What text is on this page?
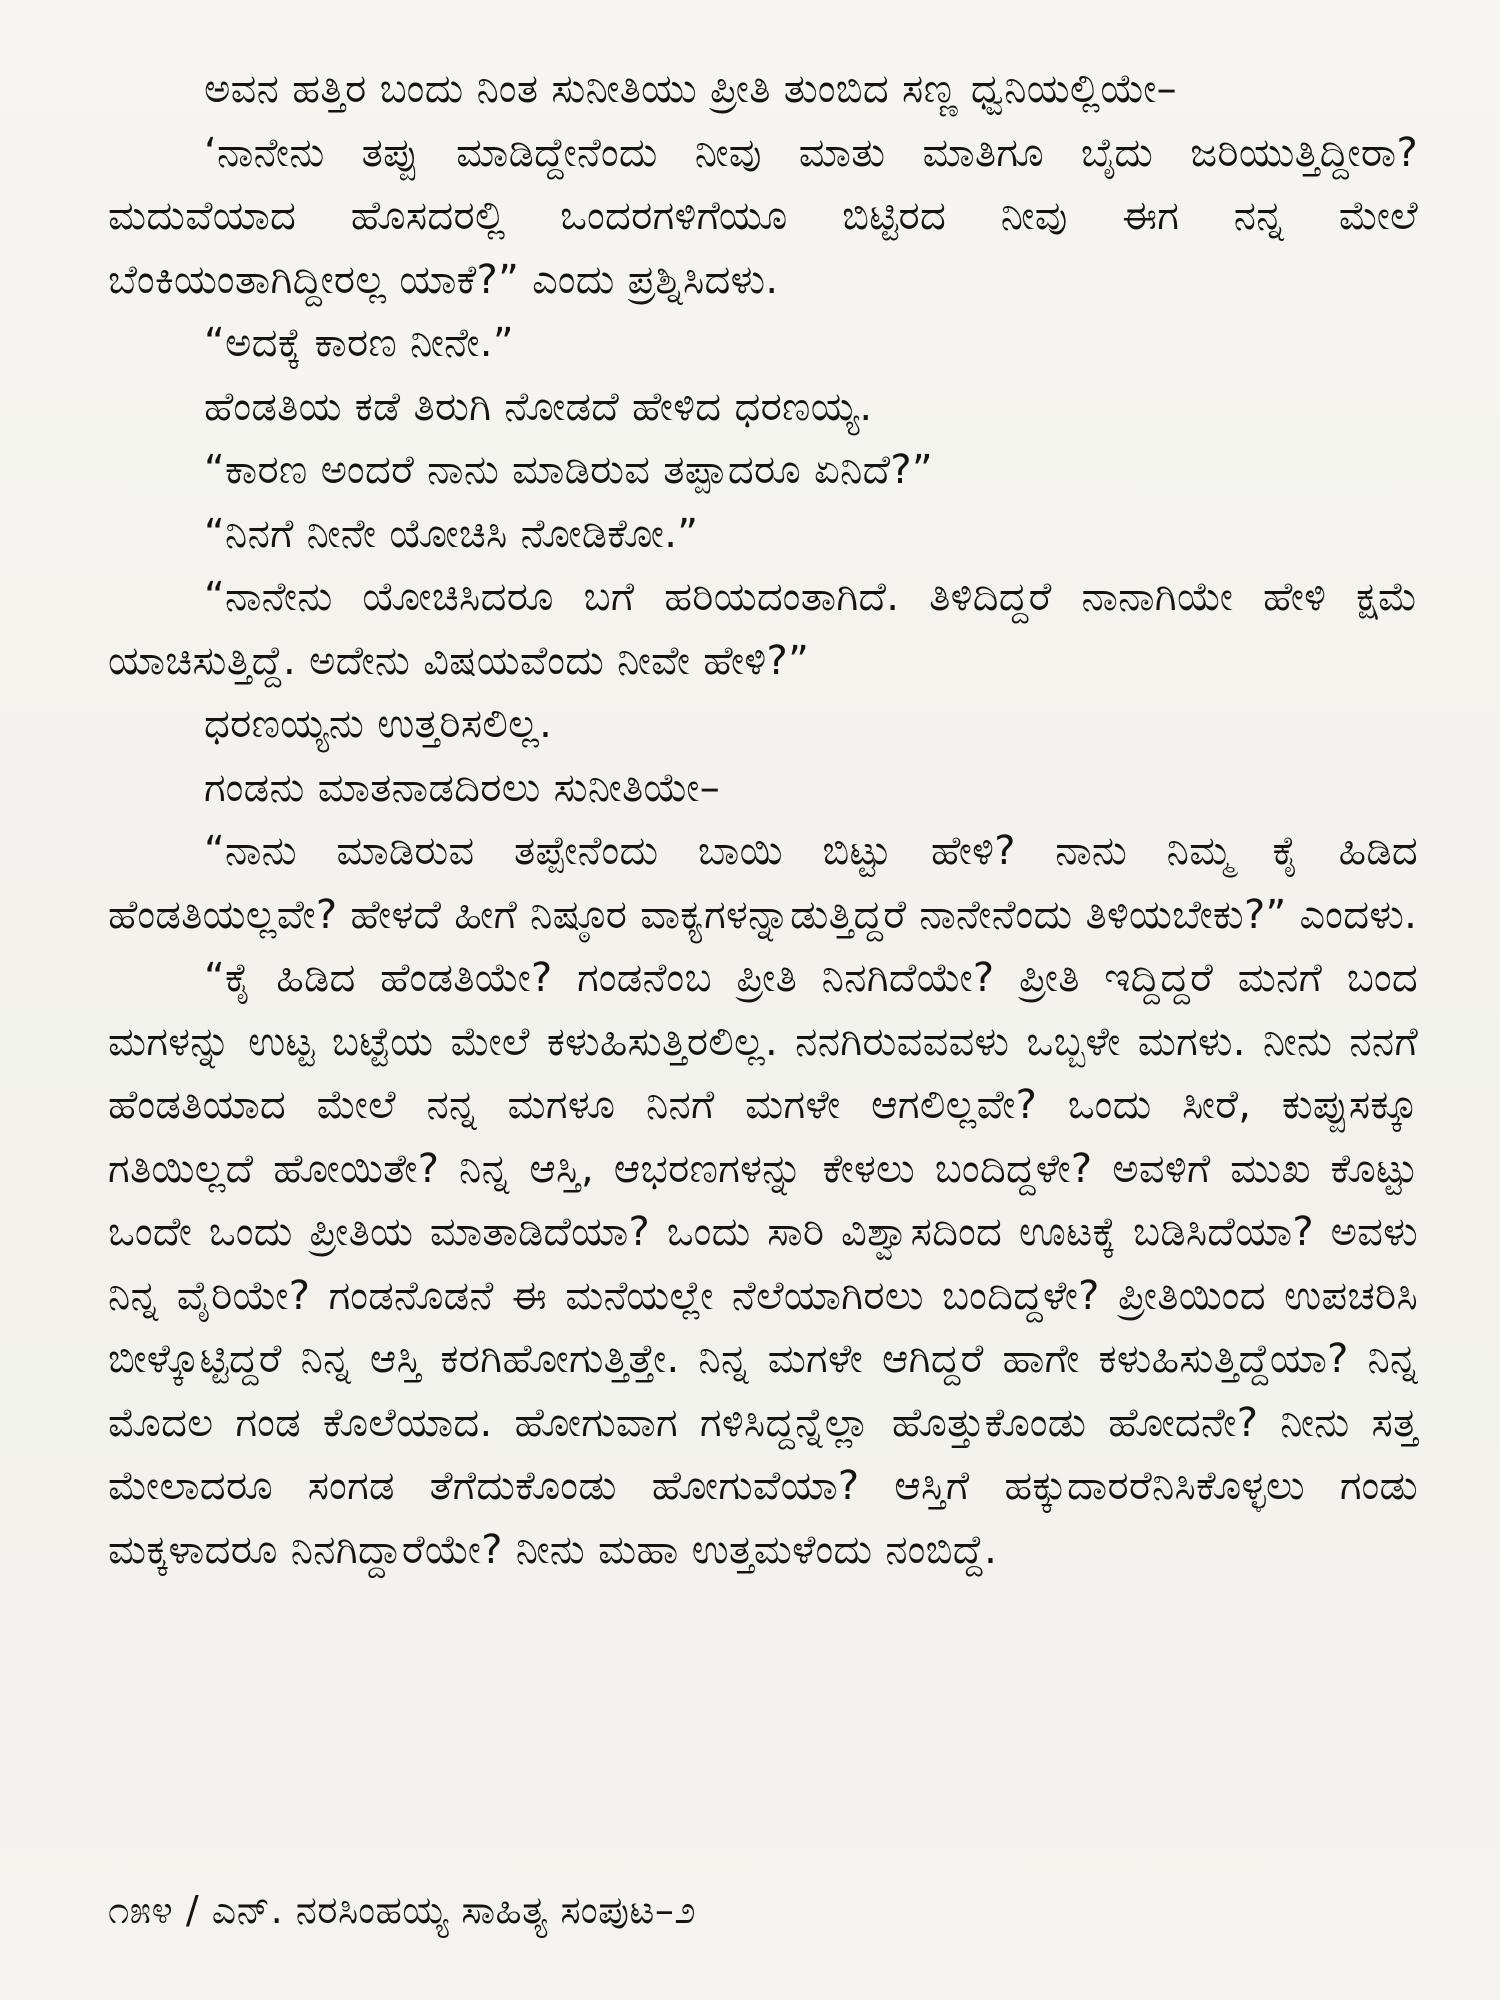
ಅವನ ಹತ್ತಿರ ಬಂದು ನಿಂತ ಸುನೀತಿಯು ಪ್ರೀತಿ ತುಂಬಿದ ಸಣ್ಣ ಧ್ವನಿಯಲ್ಲಿಯೇ–

‘ನಾನೇನು ತಪ್ಪು ಮಾಡಿದ್ದೇನೆಂದು ನೀವು ಮಾತು ಮಾತಿಗೂ ಬೈದು ಜರಿಯುತ್ತಿದ್ದೀರಾ? ಮದುವೆಯಾದ ಹೊಸದರಲ್ಲಿ ಒಂದರಗಳಿಗೆಯೂ ಬಿಟ್ಟಿರದ ನೀವು ಈಗ ನನ್ನ ಮೇಲೆ ಬೆಂಕಿಯಂತಾಗಿದ್ದೀರಲ್ಲ ಯಾಕೆ?” ಎಂದು ಪ್ರಶ್ನಿಸಿದಳು.

“ಅದಕ್ಕೆ ಕಾರಣ ನೀನೇ.”

ಹೆಂಡತಿಯ ಕಡೆ ತಿರುಗಿ ನೋಡದೆ ಹೇಳಿದ ಧರಣಯ್ಯ.

“ಕಾರಣ ಅಂದರೆ ನಾನು ಮಾಡಿರುವ ತಪ್ಪಾದರೂ ಏನಿದೆ?”

“ನಿನಗೆ ನೀನೇ ಯೋಚಿಸಿ ನೋಡಿಕೋ.”

“ನಾನೇನು ಯೋಚಿಸಿದರೂ ಬಗೆ ಹರಿಯದಂತಾಗಿದೆ. ತಿಳಿದಿದ್ದರೆ ನಾನಾಗಿಯೇ ಹೇಳಿ ಕ್ಷಮೆ ಯಾಚಿಸುತ್ತಿದ್ದೆ. ಅದೇನು ವಿಷಯವೆಂದು ನೀವೇ ಹೇಳಿ?”

ಧರಣಯ್ಯನು ಉತ್ತರಿಸಲಿಲ್ಲ.

ಗಂಡನು ಮಾತನಾಡದಿರಲು ಸುನೀತಿಯೇ–

“ನಾನು ಮಾಡಿರುವ ತಪ್ಪೇನೆಂದು ಬಾಯಿ ಬಿಟ್ಟು ಹೇಳಿ? ನಾನು ನಿಮ್ಮ ಕೈ ಹಿಡಿದ ಹೆಂಡತಿಯಲ್ಲವೇ? ಹೇಳದೆ ಹೀಗೆ ನಿಷ್ಠೂರ ವಾಕ್ಯಗಳನ್ನಾಡುತ್ತಿದ್ದರೆ ನಾನೇನೆಂದು ತಿಳಿಯಬೇಕು?” ಎಂದಳು.

“ಕೈ ಹಿಡಿದ ಹೆಂಡತಿಯೇ? ಗಂಡನೆಂಬ ಪ್ರೀತಿ ನಿನಗಿದೆಯೇ? ಪ್ರೀತಿ ಇದ್ದಿದ್ದರೆ ಮನಗೆ ಬಂದ ಮಗಳನ್ನು ಉಟ್ಟ ಬಟ್ಟೆಯ ಮೇಲೆ ಕಳುಹಿಸುತ್ತಿರಲಿಲ್ಲ. ನನಗಿರುವವವಳು ಒಬ್ಬಳೇ ಮಗಳು. ನೀನು ನನಗೆ ಹೆಂಡತಿಯಾದ ಮೇಲೆ ನನ್ನ ಮಗಳೂ ನಿನಗೆ ಮಗಳೇ ಆಗಲಿಲ್ಲವೇ? ಒಂದು ಸೀರೆ, ಕುಪ್ಪುಸಕ್ಕೂ ಗತಿಯಿಲ್ಲದೆ ಹೋಯಿತೇ? ನಿನ್ನ ಆಸ್ತಿ, ಆಭರಣಗಳನ್ನು ಕೇಳಲು ಬಂದಿದ್ದಳೇ? ಅವಳಿಗೆ ಮುಖ ಕೊಟ್ಟು ಒಂದೇ ಒಂದು ಪ್ರೀತಿಯ ಮಾತಾಡಿದೆಯಾ? ಒಂದು ಸಾರಿ ವಿಶ್ವಾಸದಿಂದ ಊಟಕ್ಕೆ ಬಡಿಸಿದೆಯಾ? ಅವಳು ನಿನ್ನ ವೈರಿಯೇ? ಗಂಡನೊಡನೆ ಈ ಮನೆಯಲ್ಲೇ ನೆಲೆಯಾಗಿರಲು ಬಂದಿದ್ದಳೇ? ಪ್ರೀತಿಯಿಂದ ಉಪಚರಿಸಿ ಬೀಳ್ಕೊಟ್ಟಿದ್ದರೆ ನಿನ್ನ ಆಸ್ತಿ ಕರಗಿಹೋಗುತ್ತಿತ್ತೇ. ನಿನ್ನ ಮಗಳೇ ಆಗಿದ್ದರೆ ಹಾಗೇ ಕಳುಹಿಸುತ್ತಿದ್ದೆಯಾ? ನಿನ್ನ ಮೊದಲ ಗಂಡ ಕೊಲೆಯಾದ. ಹೋಗುವಾಗ ಗಳಿಸಿದ್ದನ್ನೆಲ್ಲಾ ಹೊತ್ತುಕೊಂಡು ಹೋದನೇ? ನೀನು ಸತ್ತ ಮೇಲಾದರೂ ಸಂಗಡ ತೆಗೆದುಕೊಂಡು ಹೋಗುವೆಯಾ? ಆಸ್ತಿಗೆ ಹಕ್ಕುದಾರರೆನಿಸಿಕೊಳ್ಳಲು ಗಂಡು ಮಕ್ಕಳಾದರೂ ನಿನಗಿದ್ದಾರೆಯೇ? ನೀನು ಮಹಾ ಉತ್ತಮಳೆಂದು ನಂಬಿದ್ದೆ.

೧೫೪ / ಎನ್. ನರಸಿಂಹಯ್ಯ ಸಾಹಿತ್ಯ ಸಂಪುಟ–೨
